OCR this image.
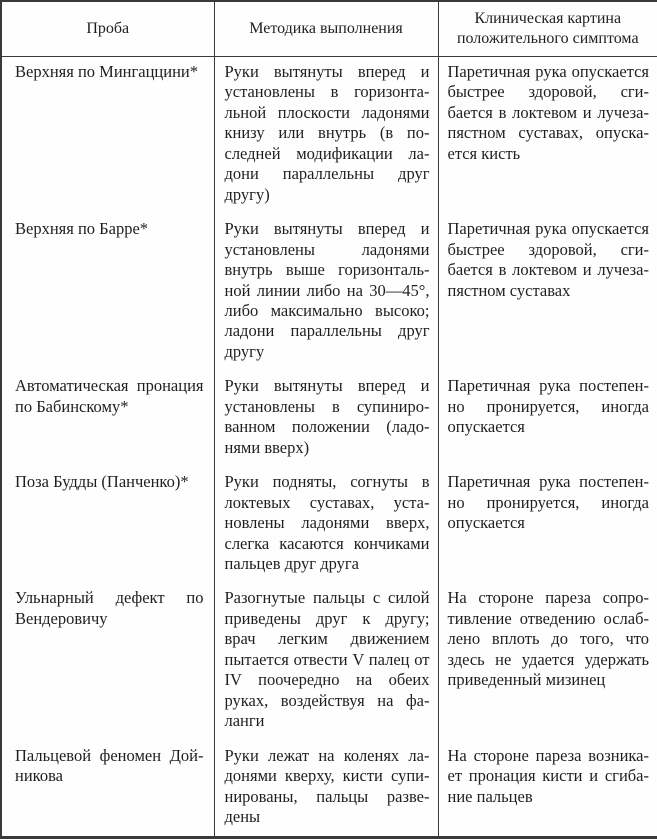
Проба	Методика выполнения	Клиническая картина положительного симптома
Верхняя по Мингаццини*	Руки вытянуты вперед и установлены в горизонтальной плоскости ладонями книзу или внутрь (в последней модификации ладони параллельны друг другу)	Паретичная рука опускается быстрее здоровой, сгибается в локтевом и лучезапястном суставах, опускается кисть
Верхняя по Барре*	Руки вытянуты вперед и установлены ладонями внутрь выше горизонтальной линии либо на 30—45°, либо максимально высоко; ладони параллельны друг другу	Паретичная рука опускается быстрее здоровой, сгибается в локтевом и лучезапястном суставах
Автоматическая пронация по Бабинскому*	Руки вытянуты вперед и установлены в супинированном положении (ладонями вверх)	Паретичная рука постепенно пронируется, иногда опускается
Поза Будды (Панченко)*	Руки подняты, согнуты в локтевых суставах, установлены ладонями вверх, слегка касаются кончиками пальцев друг друга	Паретичная рука постепенно пронируется, иногда опускается
Ульнарный дефект по Вендеровичу	Разогнутые пальцы с силой приведены друг к другу; врач легким движением пытается отвести V палец от IV поочередно на обеих руках, воздействуя на фаланги	На стороне пареза сопротивление отведению ослаблено вплоть до того, что здесь не удается удержать приведенный мизинец
Пальцевой феномен Дойникова	Руки лежат на коленях ладонями кверху, кисти супинированы, пальцы разведены	На стороне пареза возникает пронация кисти и сгибание пальцев
